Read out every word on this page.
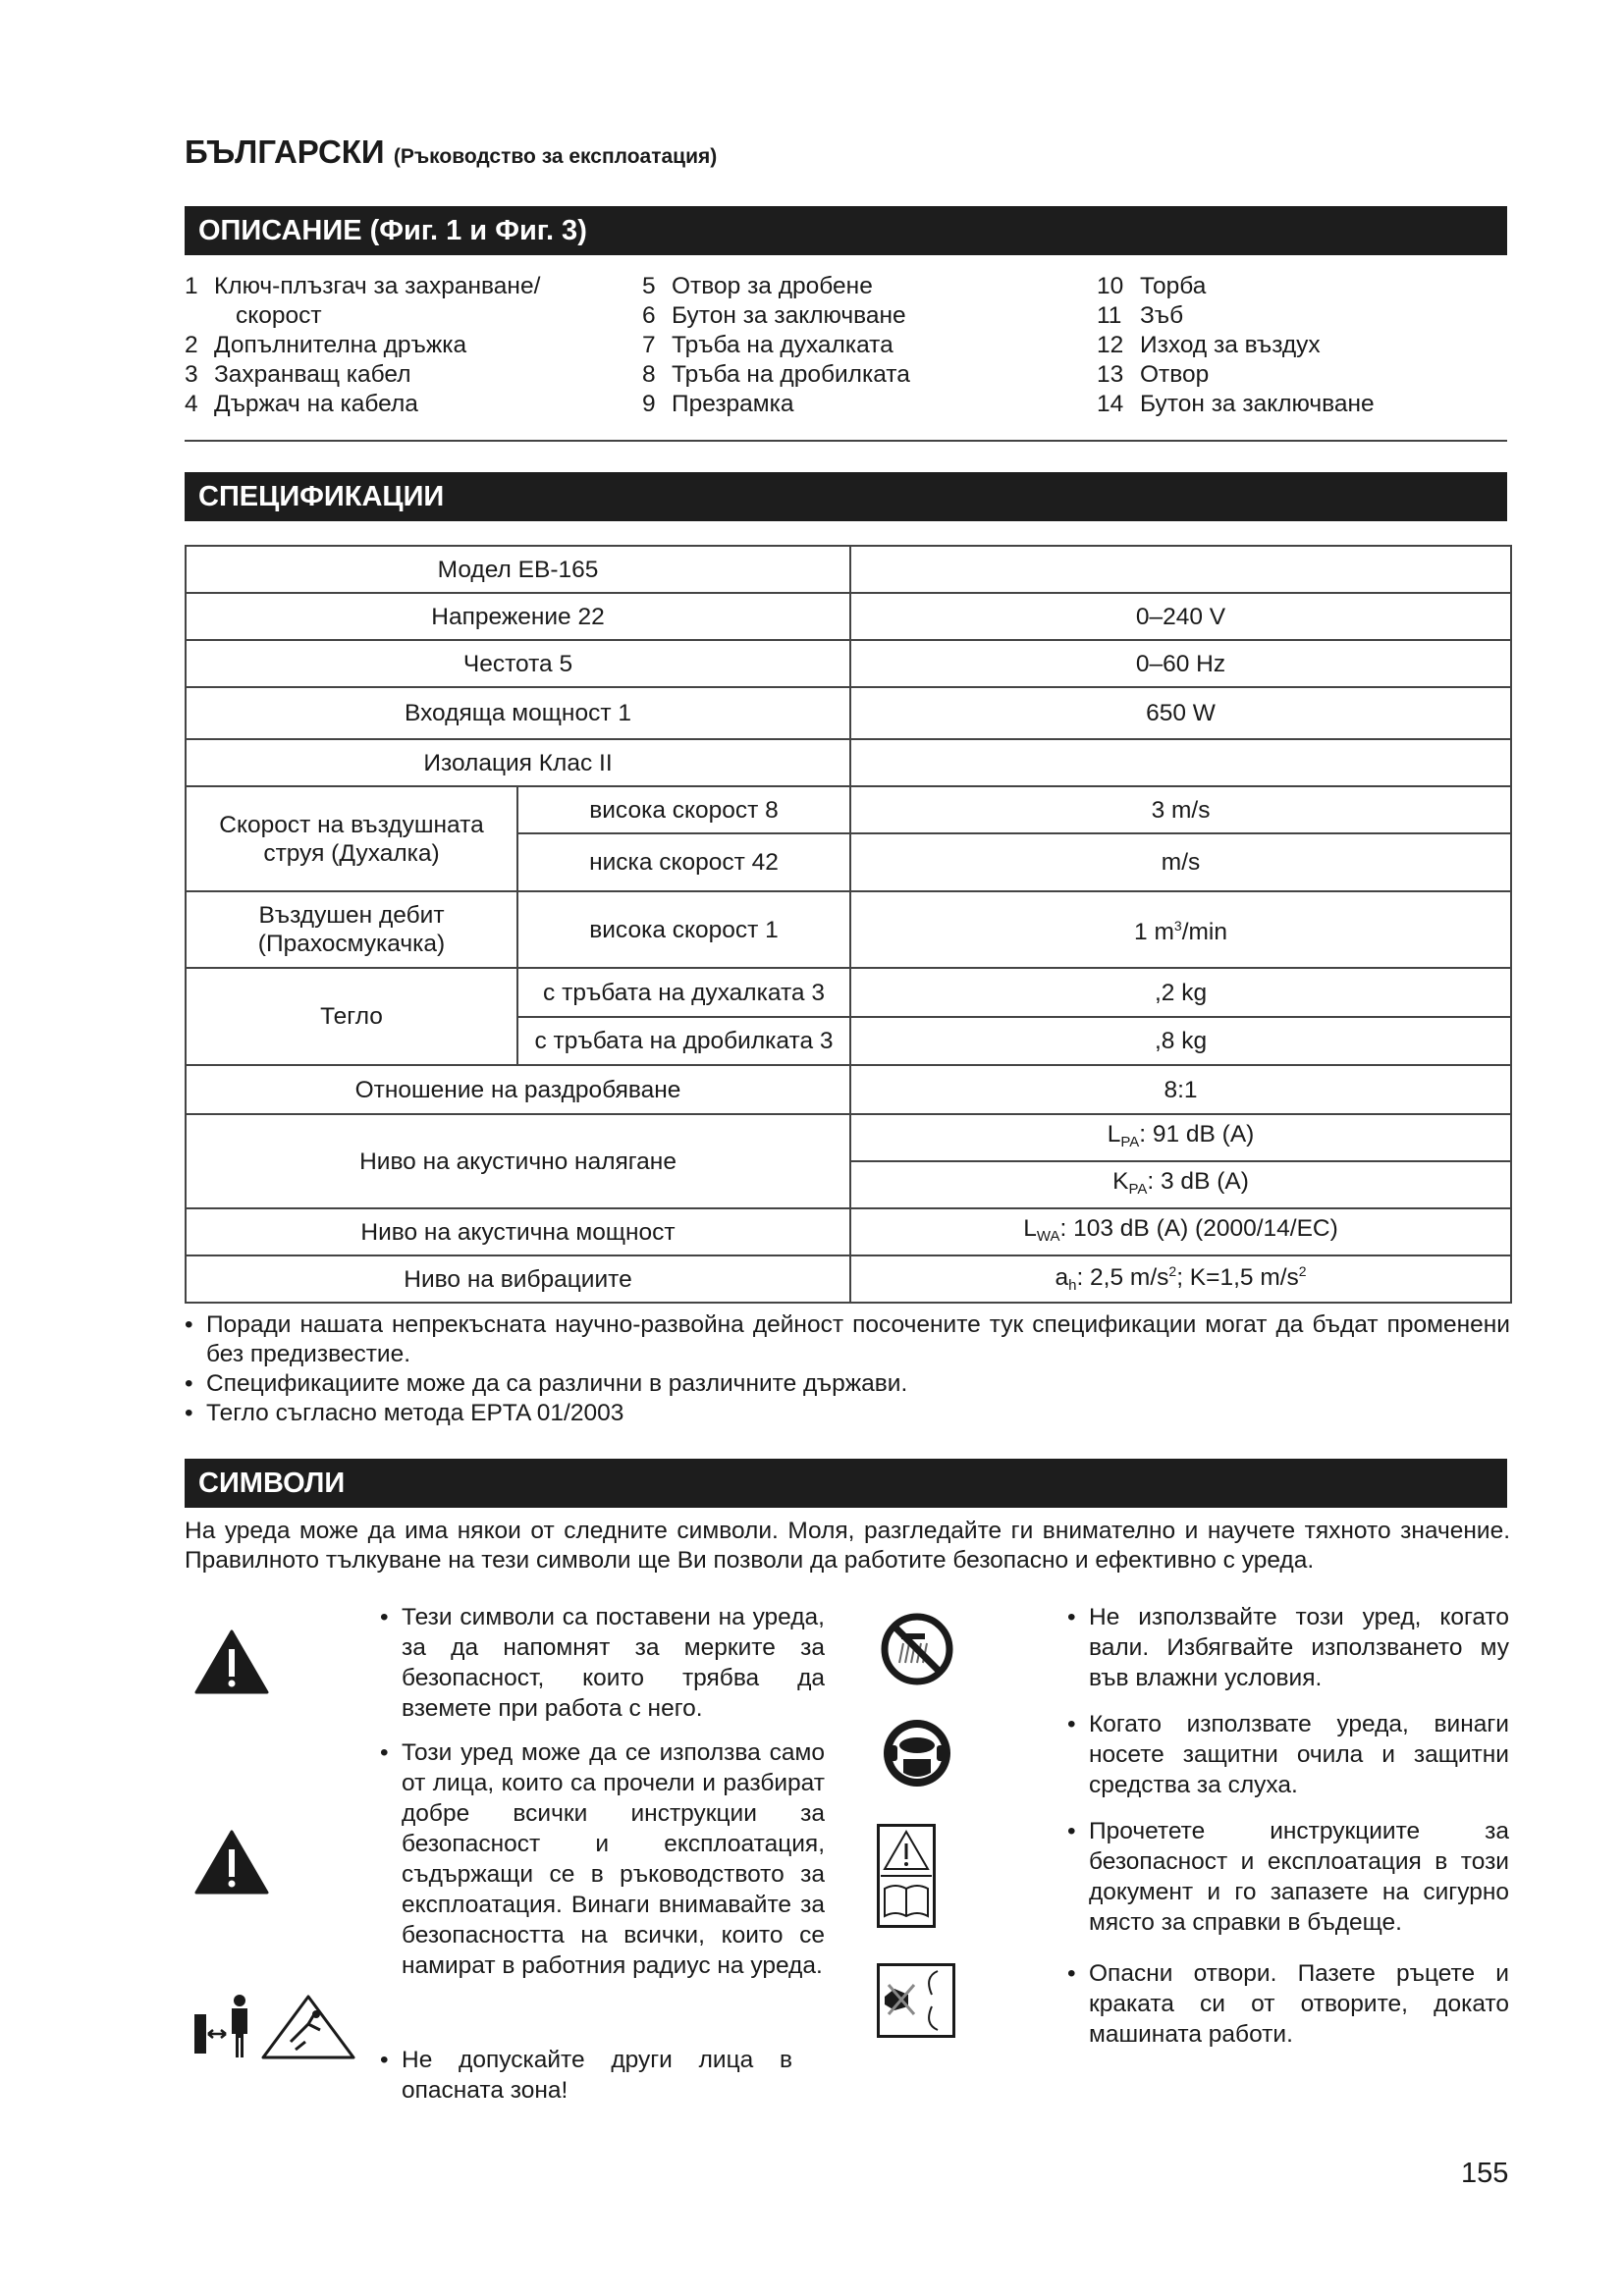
БЪЛГАРСКИ (Ръководство за експлоатация)
ОПИСАНИЕ (Фиг. 1 и Фиг. 3)
1 Ключ-плъзгач за захранване/
скорост
2 Допълнителна дръжка
3 Захранващ кабел
4 Държач на кабела
5 Отвор за дробене
6 Бутон за заключване
7 Тръба на духалката
8 Тръба на дробилката
9 Презрамка
10 Торба
11 Зъб
12 Изход за въздух
13 Отвор
14 Бутон за заключване
СПЕЦИФИКАЦИИ
Модел EB-165		
Напрежение 22		0–240 V
Честота 5		0–60 Hz
Входяща мощност 1		650 W
Изолация Клас II		
Скорост на въздушната струя (Духалка)	висока скорост 8	3 m/s
	ниска скорост 42	m/s
Въздушен дебит (Прахосмукачка)	висока скорост 1	1 $m^3/\min$
Тегло	с тръбата на духалката 3	,2 kg
	с тръбата на дробилката 3	,8 kg
Отношение на раздробяване		8:1
Ниво на акустично налягане		$L_{PA}$: 91 dB (A)
		$K_{PA}$: 3 dB (A)
Ниво на акустична мощност		$L_{WA}$: 103 dB (A) (2000/14/EC)
Ниво на вибрациите		$a_h$: 2,5 $m/s^2$; K=1,5 $m/s^2$
• Поради нашата непрекъсната научно-развойна дейност посочените тук спецификации могат да бъдат променени без предизвестие.
• Спецификациите може да са различни в различните държави.
• Тегло съгласно метода EPTA 01/2003
СИМВОЛИ
На уреда може да има някои от следните символи. Моля, разгледайте ги внимателно и научете тяхното значение. Правилното тълкуване на тези символи ще Ви позволи да работите безопасно и ефективно с уреда.
• Тези символи са поставени на уреда, за да напомнят за мерките за безопасност, които трябва да вземете при работа с него.
• Този уред може да се използва само от лица, които са прочели и разбират добре всички инструкции за безопасност и експлоатация, съдържащи се в ръководството за експлоатация. Винаги внимавайте за безопасността на всички, които се намират в работния радиус на уреда.
• Не допускайте други лица в опасната зона!
• Не използвайте този уред, когато вали. Избягвайте използването му във влажни условия.
• Когато използвате уреда, винаги носете защитни очила и защитни средства за слуха.
• Прочетете инструкциите за безопасност и експлоатация в този документ и го запазете на сигурно място за справки в бъдеще.
• Опасни отвори. Пазете ръцете и краката си от отворите, докато машината работи.
155
